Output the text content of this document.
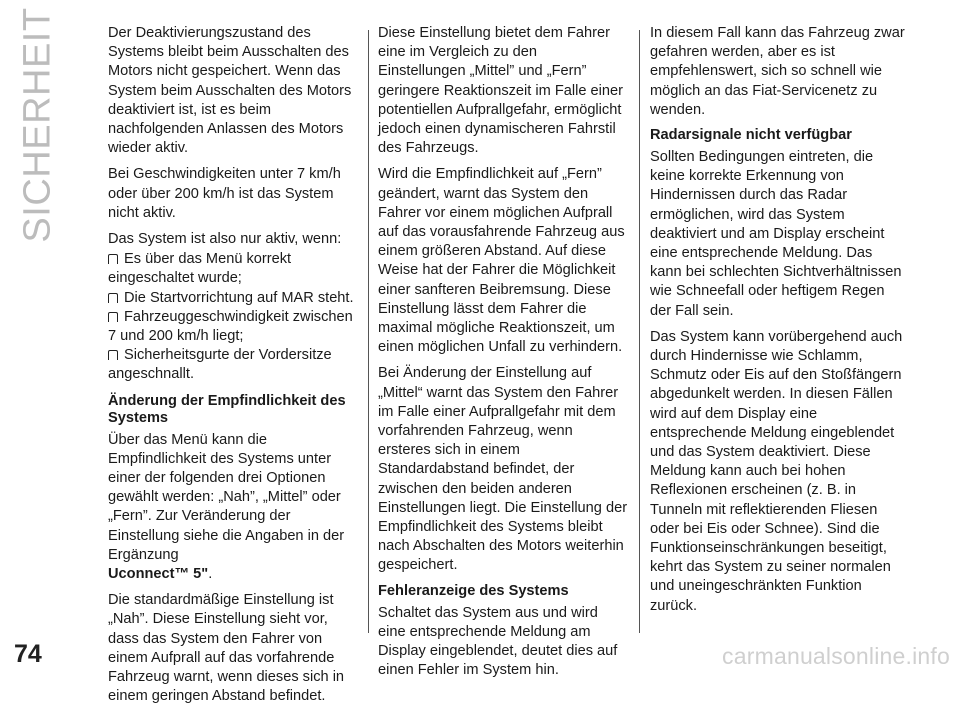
SICHERHEIT
74

Der Deaktivierungszustand des Systems bleibt beim Ausschalten des Motors nicht gespeichert. Wenn das System beim Ausschalten des Motors deaktiviert ist, ist es beim nachfolgenden Anlassen des Motors wieder aktiv.

Bei Geschwindigkeiten unter 7 km/h oder über 200 km/h ist das System nicht aktiv.

Das System ist also nur aktiv, wenn:

Es über das Menü korrekt eingeschaltet wurde;
Die Startvorrichtung auf MAR steht.
Fahrzeuggeschwindigkeit zwischen 7 und 200 km/h liegt;
Sicherheitsgurte der Vordersitze angeschnallt.
Änderung der Empfindlichkeit des Systems

Über das Menü kann die Empfindlichkeit des Systems unter einer der folgenden drei Optionen gewählt werden: „Nah”, „Mittel” oder „Fern”. Zur Veränderung der Einstellung siehe die Angaben in der Ergänzung
Uconnect™ 5".

Die standardmäßige Einstellung ist „Nah”. Diese Einstellung sieht vor, dass das System den Fahrer von einem Aufprall auf das vorfahrende Fahrzeug warnt, wenn dieses sich in einem geringen Abstand befindet.

Diese Einstellung bietet dem Fahrer eine im Vergleich zu den Einstellungen „Mittel” und „Fern” geringere Reaktionszeit im Falle einer potentiellen Aufprallgefahr, ermöglicht jedoch einen dynamischeren Fahrstil des Fahrzeugs.

Wird die Empfindlichkeit auf „Fern” geändert, warnt das System den Fahrer vor einem möglichen Aufprall auf das vorausfahrende Fahrzeug aus einem größeren Abstand. Auf diese Weise hat der Fahrer die Möglichkeit einer sanfteren Beibremsung. Diese Einstellung lässt dem Fahrer die maximal mögliche Reaktionszeit, um einen möglichen Unfall zu verhindern.

Bei Änderung der Einstellung auf „Mittel“ warnt das System den Fahrer im Falle einer Aufprallgefahr mit dem vorfahrenden Fahrzeug, wenn ersteres sich in einem Standardabstand befindet, der zwischen den beiden anderen Einstellungen liegt. Die Einstellung der Empfindlichkeit des Systems bleibt nach Abschalten des Motors weiterhin gespeichert.

Fehleranzeige des Systems

Schaltet das System aus und wird eine entsprechende Meldung am Display eingeblendet, deutet dies auf einen Fehler im System hin.

In diesem Fall kann das Fahrzeug zwar gefahren werden, aber es ist empfehlenswert, sich so schnell wie möglich an das Fiat-Servicenetz zu wenden.

Radarsignale nicht verfügbar

Sollten Bedingungen eintreten, die keine korrekte Erkennung von Hindernissen durch das Radar ermöglichen, wird das System deaktiviert und am Display erscheint eine entsprechende Meldung. Das kann bei schlechten Sichtverhältnissen wie Schneefall oder heftigem Regen der Fall sein.

Das System kann vorübergehend auch durch Hindernisse wie Schlamm, Schmutz oder Eis auf den Stoßfängern abgedunkelt werden. In diesen Fällen wird auf dem Display eine entsprechende Meldung eingeblendet und das System deaktiviert. Diese Meldung kann auch bei hohen Reflexionen erscheinen (z. B. in Tunneln mit reflektierenden Fliesen oder bei Eis oder Schnee). Sind die Funktionseinschränkungen beseitigt, kehrt das System zu seiner normalen und uneingeschränkten Funktion zurück.

carmanualsonline.info
